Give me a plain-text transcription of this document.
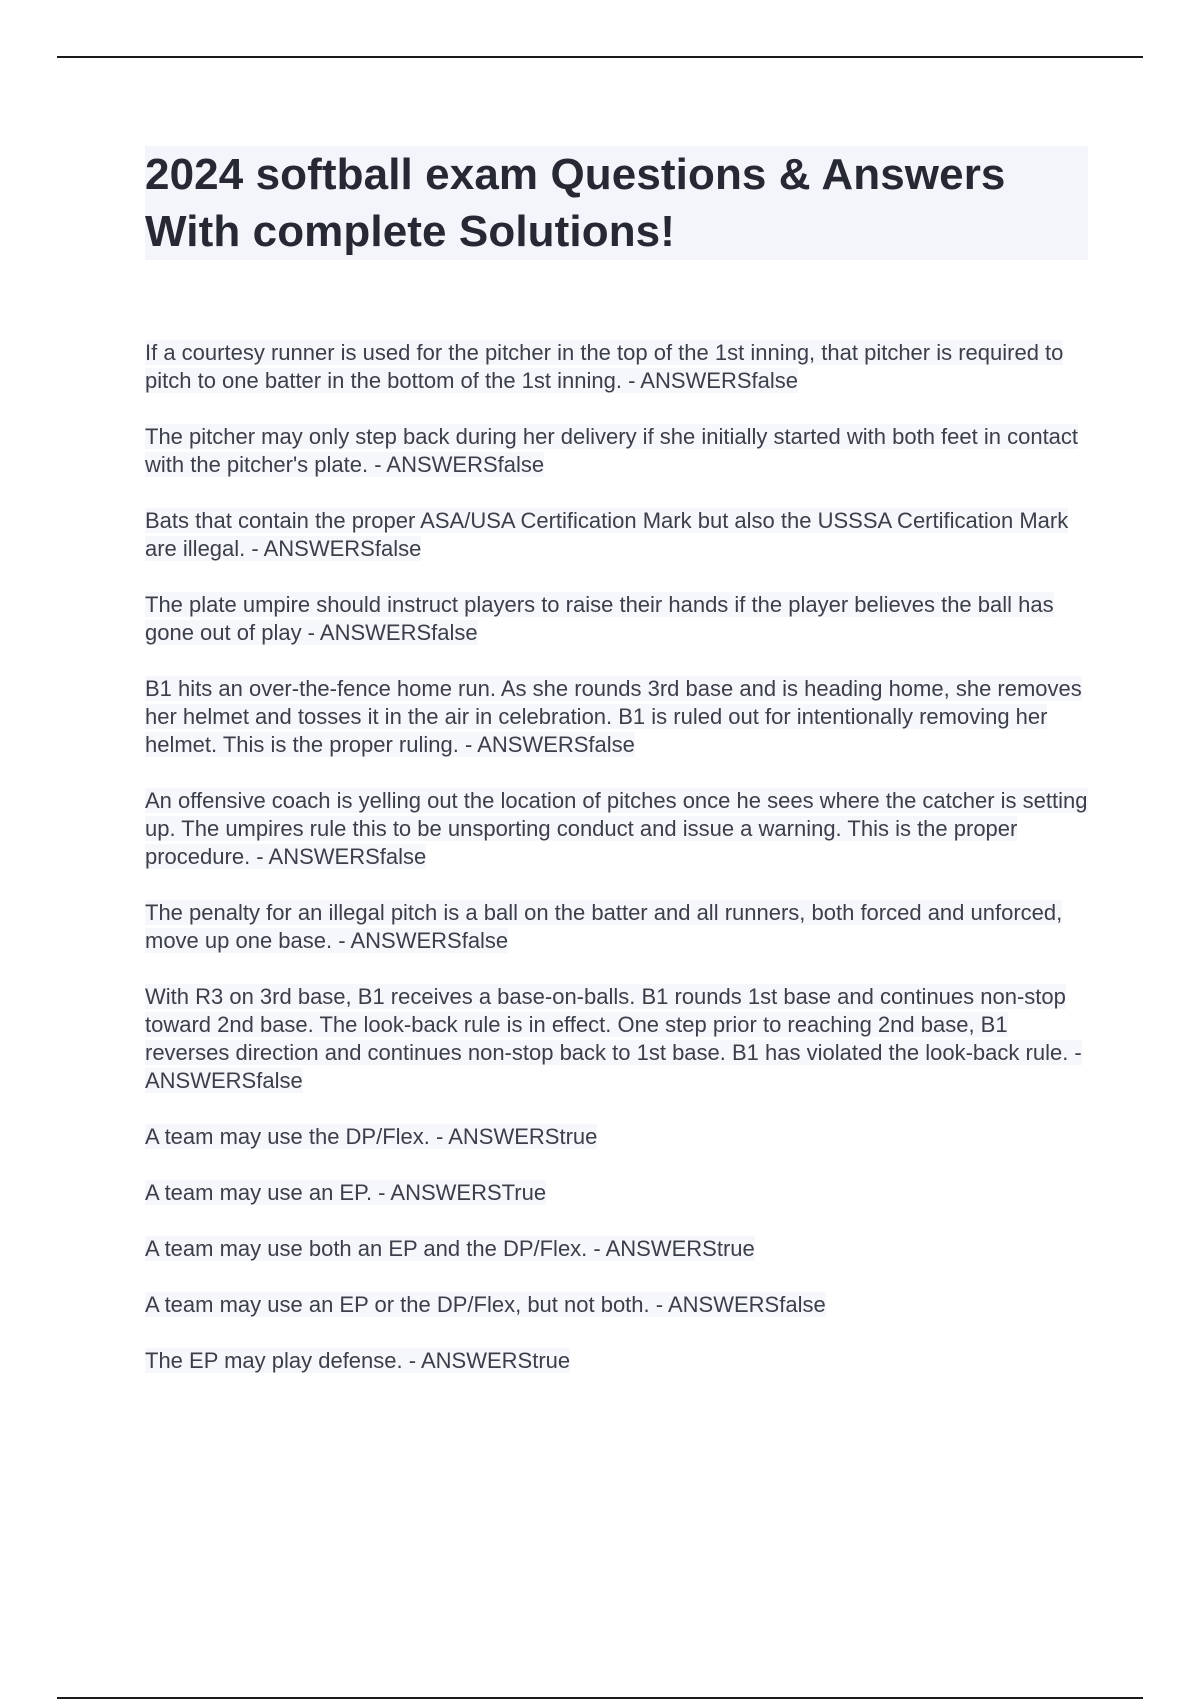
2024 softball exam Questions & Answers With complete Solutions!
If a courtesy runner is used for the pitcher in the top of the 1st inning, that pitcher is required to pitch to one batter in the bottom of the 1st inning. - ANSWERSfalse
The pitcher may only step back during her delivery if she initially started with both feet in contact with the pitcher's plate. - ANSWERSfalse
Bats that contain the proper ASA/USA Certification Mark but also the USSSA Certification Mark are illegal. - ANSWERSfalse
The plate umpire should instruct players to raise their hands if the player believes the ball has gone out of play - ANSWERSfalse
B1 hits an over-the-fence home run. As she rounds 3rd base and is heading home, she removes her helmet and tosses it in the air in celebration. B1 is ruled out for intentionally removing her helmet. This is the proper ruling. - ANSWERSfalse
An offensive coach is yelling out the location of pitches once he sees where the catcher is setting up. The umpires rule this to be unsporting conduct and issue a warning. This is the proper procedure. - ANSWERSfalse
The penalty for an illegal pitch is a ball on the batter and all runners, both forced and unforced, move up one base. - ANSWERSfalse
With R3 on 3rd base, B1 receives a base-on-balls. B1 rounds 1st base and continues non-stop toward 2nd base. The look-back rule is in effect. One step prior to reaching 2nd base, B1 reverses direction and continues non-stop back to 1st base. B1 has violated the look-back rule. - ANSWERSfalse
A team may use the DP/Flex. - ANSWERStrue
A team may use an EP. - ANSWERSTrue
A team may use both an EP and the DP/Flex. - ANSWERStrue
A team may use an EP or the DP/Flex, but not both. - ANSWERSfalse
The EP may play defense. - ANSWERStrue
